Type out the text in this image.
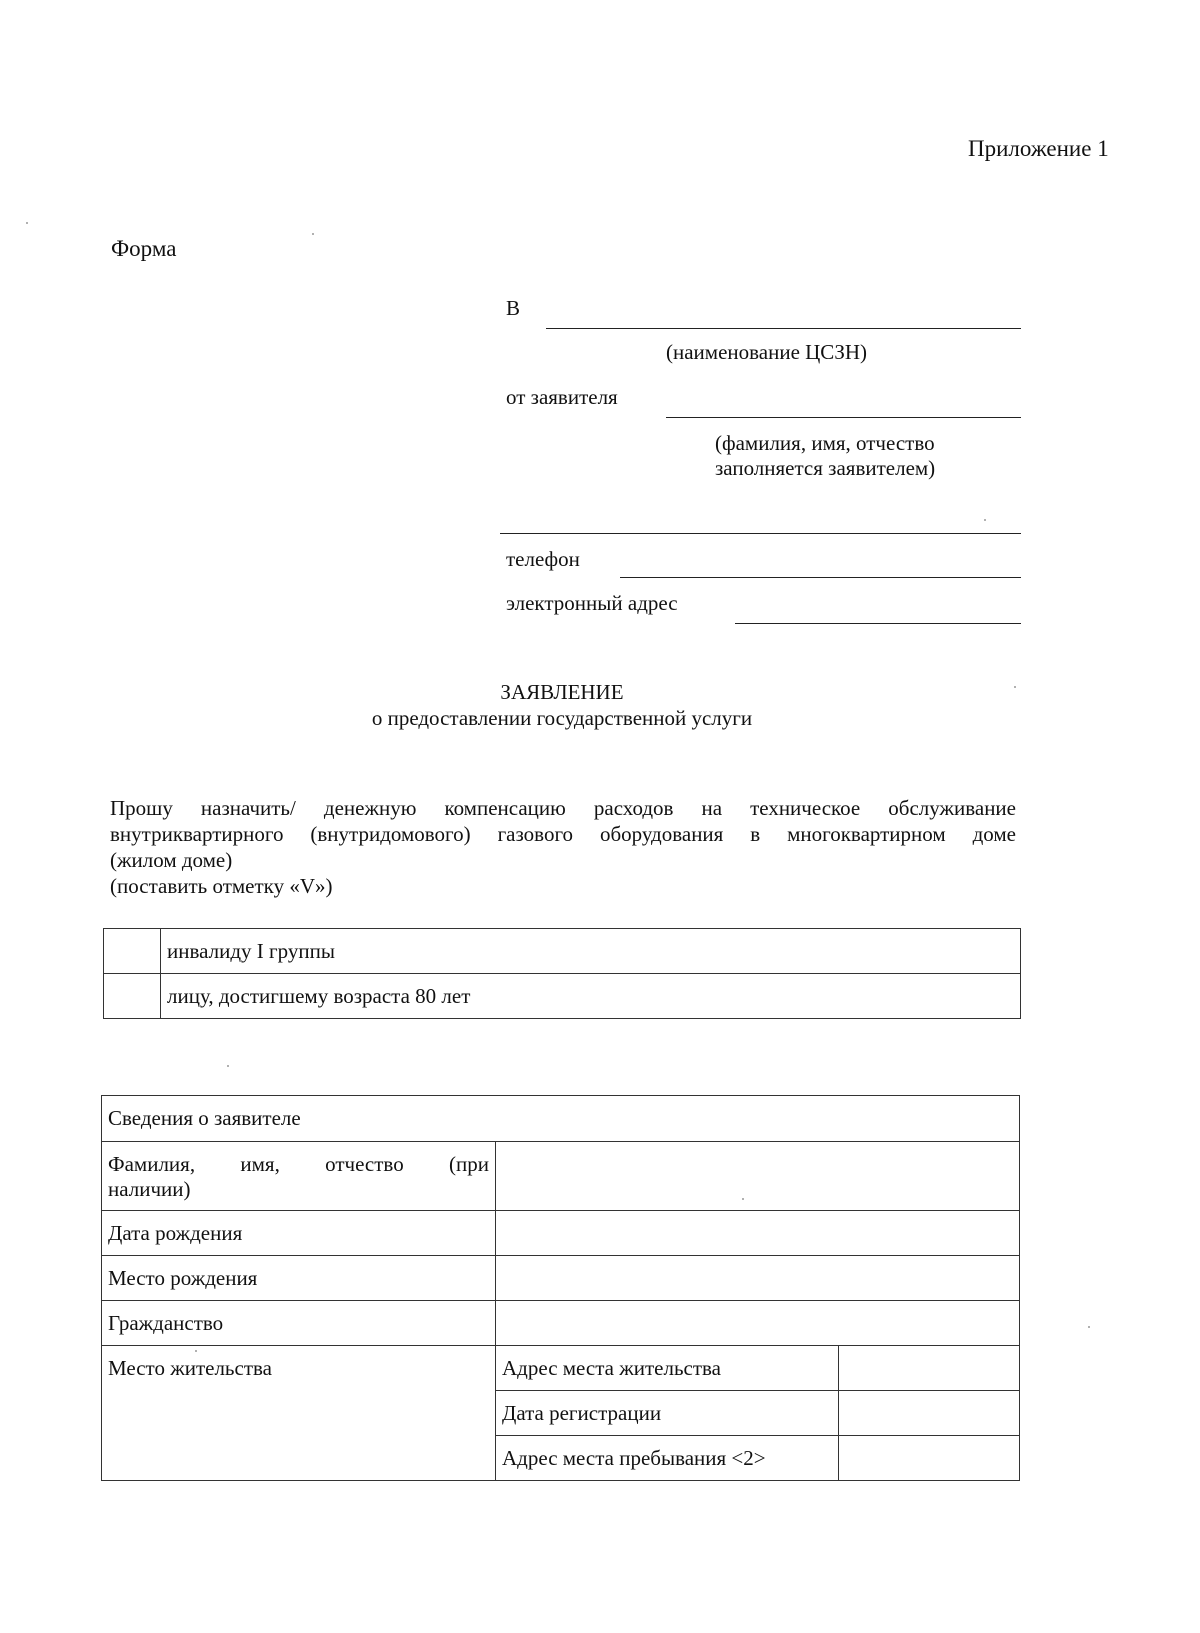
Приложение 1
Форма
В
(наименование ЦСЗН)
от заявителя
(фамилия, имя, отчество
заполняется заявителем)
телефон
электронный адрес
ЗАЯВЛЕНИЕ
о предоставлении государственной услуги
Прошу назначить/ денежную компенсацию расходов на техническое обслуживание
внутриквартирного (внутридомового) газового оборудования в многоквартирном доме
(жилом доме)
(поставить отметку «V»)
	инвалиду I группы
	лицу, достигшему возраста 80 лет
Сведения о заявителе		

Фамилия,    имя,    отчество    (при
наличии)		

Дата рождения		
Место рождения		
Гражданство		
Место жительства	Адрес места жительства	
	Дата регистрации	
	Адрес места пребывания <2>	
